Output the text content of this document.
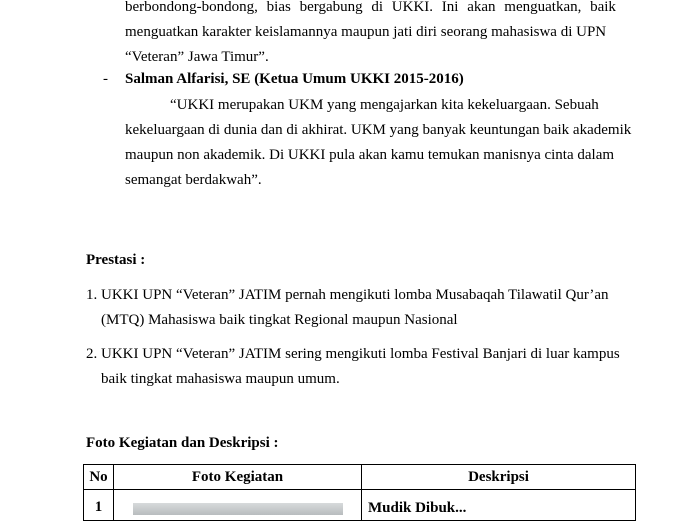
berbondong-bondong, bias bergabung di UKKI. Ini akan menguatkan, baik
menguatkan karakter keislamannya maupun jati diri seorang mahasiswa di UPN
“Veteran” Jawa Timur”.
- Salman Alfarisi, SE (Ketua Umum UKKI 2015-2016)
“UKKI merupakan UKM yang mengajarkan kita kekeluargaan. Sebuah
kekeluargaan di dunia dan di akhirat. UKM yang banyak keuntungan baik akademik
maupun non akademik. Di UKKI pula akan kamu temukan manisnya cinta dalam
semangat berdakwah”.
Prestasi :
1. UKKI UPN “Veteran” JATIM pernah mengikuti lomba Musabaqah Tilawatil Qur’an
(MTQ) Mahasiswa baik tingkat Regional maupun Nasional
2. UKKI UPN “Veteran” JATIM sering mengikuti lomba Festival Banjari di luar kampus
baik tingkat mahasiswa maupun umum.
Foto Kegiatan dan Deskripsi :
No	Foto Kegiatan	Deskripsi
1		Mudik Dibuk...
